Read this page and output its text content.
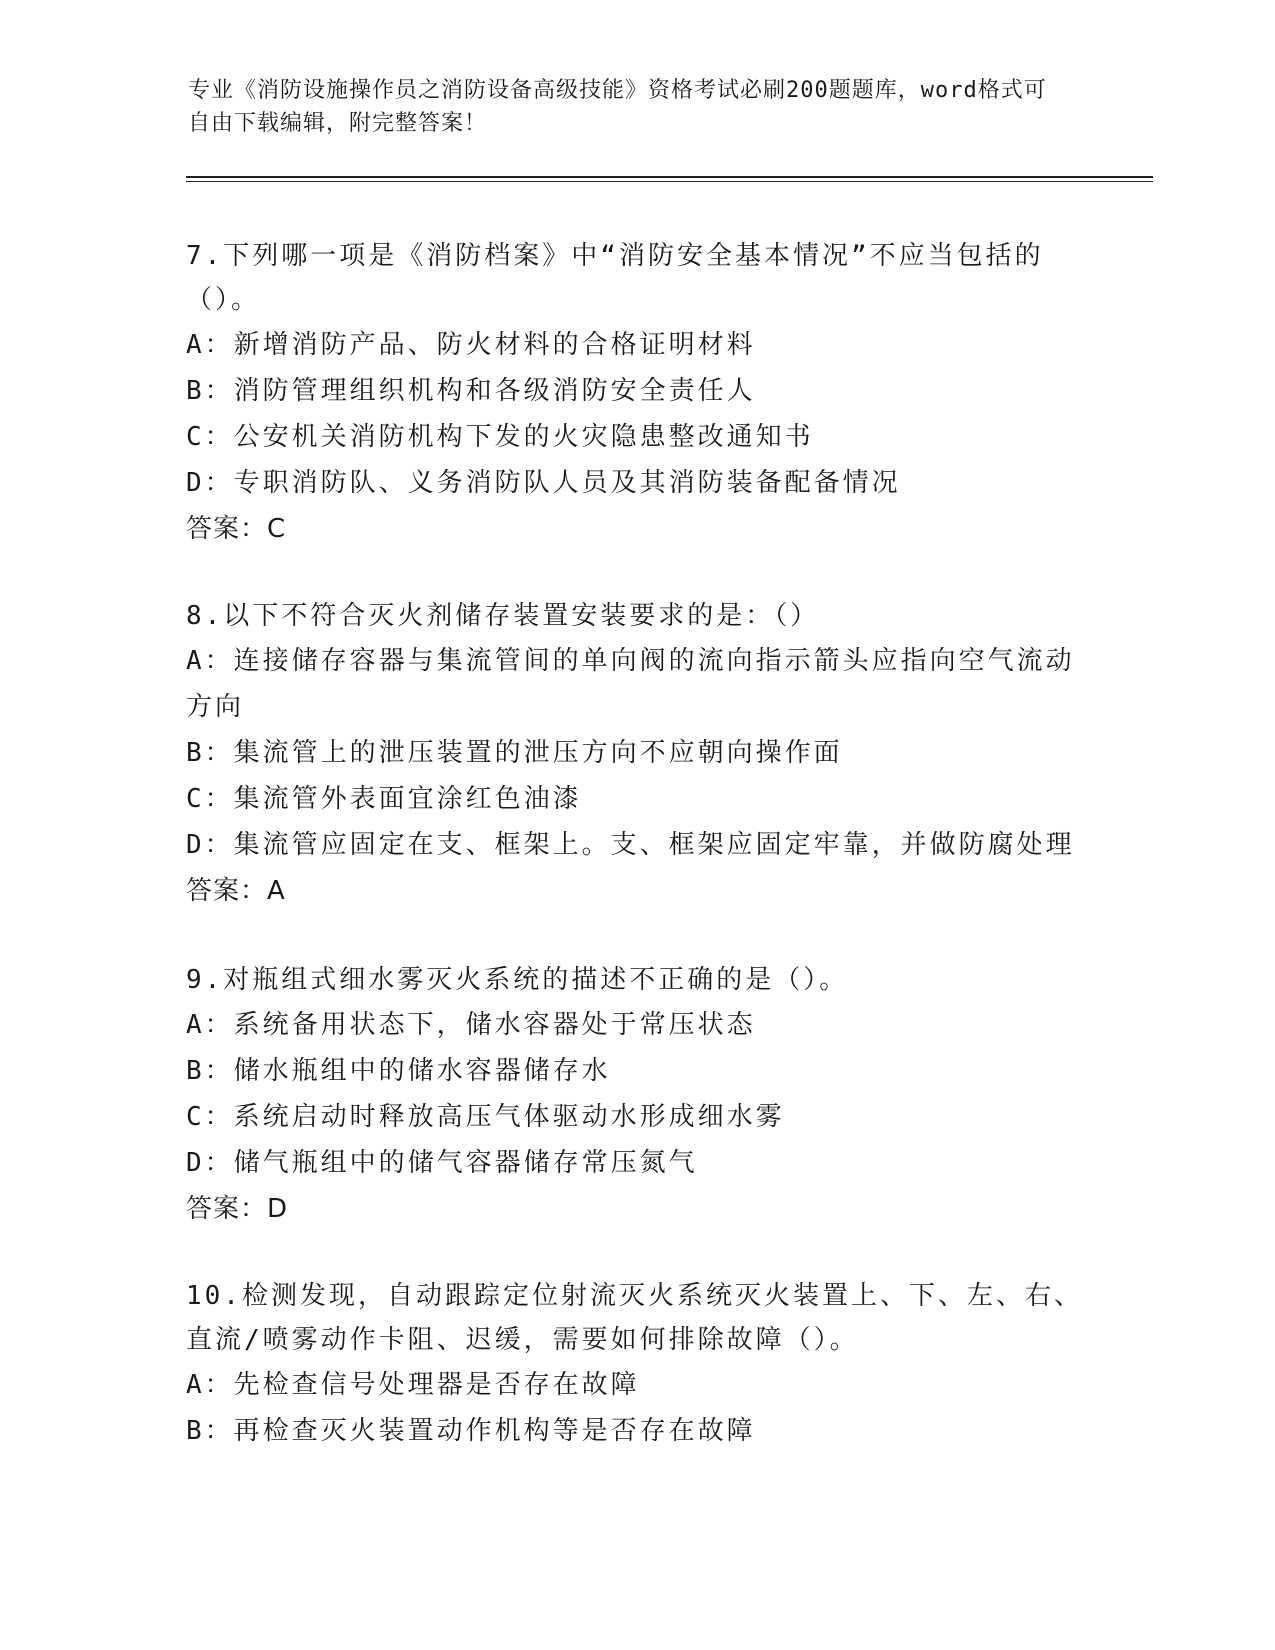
专业《消防设施操作员之消防设备高级技能》资格考试必刷200题题库，word格式可自由下载编辑，附完整答案！

7.下列哪一项是《消防档案》中“消防安全基本情况”不应当包括的（）。

A：新增消防产品、防火材料的合格证明材料

B：消防管理组织机构和各级消防安全责任人

C：公安机关消防机构下发的火灾隐患整改通知书

D：专职消防队、义务消防队人员及其消防装备配备情况

答案：C

8.以下不符合灭火剂储存装置安装要求的是：（）

A：连接储存容器与集流管间的单向阀的流向指示箭头应指向空气流动方向

B：集流管上的泄压装置的泄压方向不应朝向操作面

C：集流管外表面宜涂红色油漆

D：集流管应固定在支、框架上。支、框架应固定牢靠，并做防腐处理

答案：A

9.对瓶组式细水雾灭火系统的描述不正确的是（）。

A：系统备用状态下，储水容器处于常压状态

B：储水瓶组中的储水容器储存水

C：系统启动时释放高压气体驱动水形成细水雾

D：储气瓶组中的储气容器储存常压氮气

答案：D

10.检测发现，自动跟踪定位射流灭火系统灭火装置上、下、左、右、直流/喷雾动作卡阻、迟缓，需要如何排除故障（）。

A：先检查信号处理器是否存在故障

B：再检查灭火装置动作机构等是否存在故障
